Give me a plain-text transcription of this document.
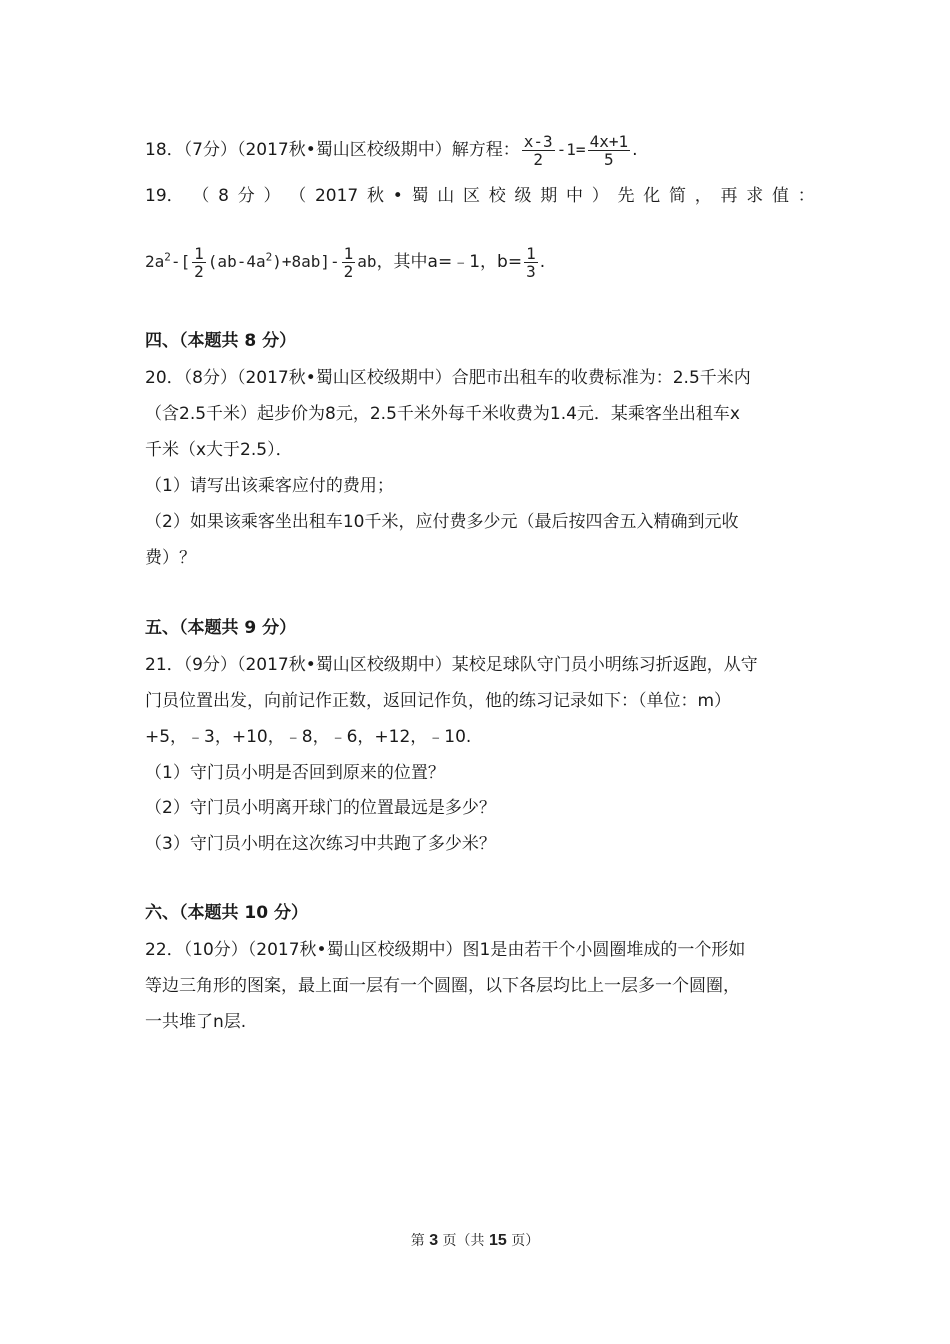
18．（7分）（2017秋•蜀山区校级期中）解方程： $\frac{x-3}{2} -1= \frac{4x+1}{5}$ .
19． （ 8 分 ） （ 2017 秋 • 蜀 山 区 校 级 期 中 ） 先 化 简 ， 再 求 值 ：
$2a^2-[ \frac{1}{2} (ab-4a^2)+8ab]- \frac{1}{2}$ ab，其中a=﹣1，$b= \frac{1}{3}$ .
四、（本题共 8 分）
20．（8分）（2017秋•蜀山区校级期中）合肥市出租车的收费标准为：2.5千米内
（含2.5千米）起步价为8元，2.5千米外每千米收费为1.4元．某乘客坐出租车x
千米（x大于2.5）．
（1）请写出该乘客应付的费用；
（2）如果该乘客坐出租车10千米，应付费多少元（最后按四舍五入精确到元收
费）？
五、（本题共 9 分）
21．（9分）（2017秋•蜀山区校级期中）某校足球队守门员小明练习折返跑，从守
门员位置出发，向前记作正数，返回记作负，他的练习记录如下：（单位：m）
+5，﹣3，+10，﹣8，﹣6，+12，﹣10.
（1）守门员小明是否回到原来的位置？
（2）守门员小明离开球门的位置最远是多少？
（3）守门员小明在这次练习中共跑了多少米？
六、（本题共 10 分）
22．（10分）（2017秋•蜀山区校级期中）图1是由若干个小圆圈堆成的一个形如
等边三角形的图案，最上面一层有一个圆圈，以下各层均比上一层多一个圆圈，
一共堆了n层.
第 3 页（共 15 页）
